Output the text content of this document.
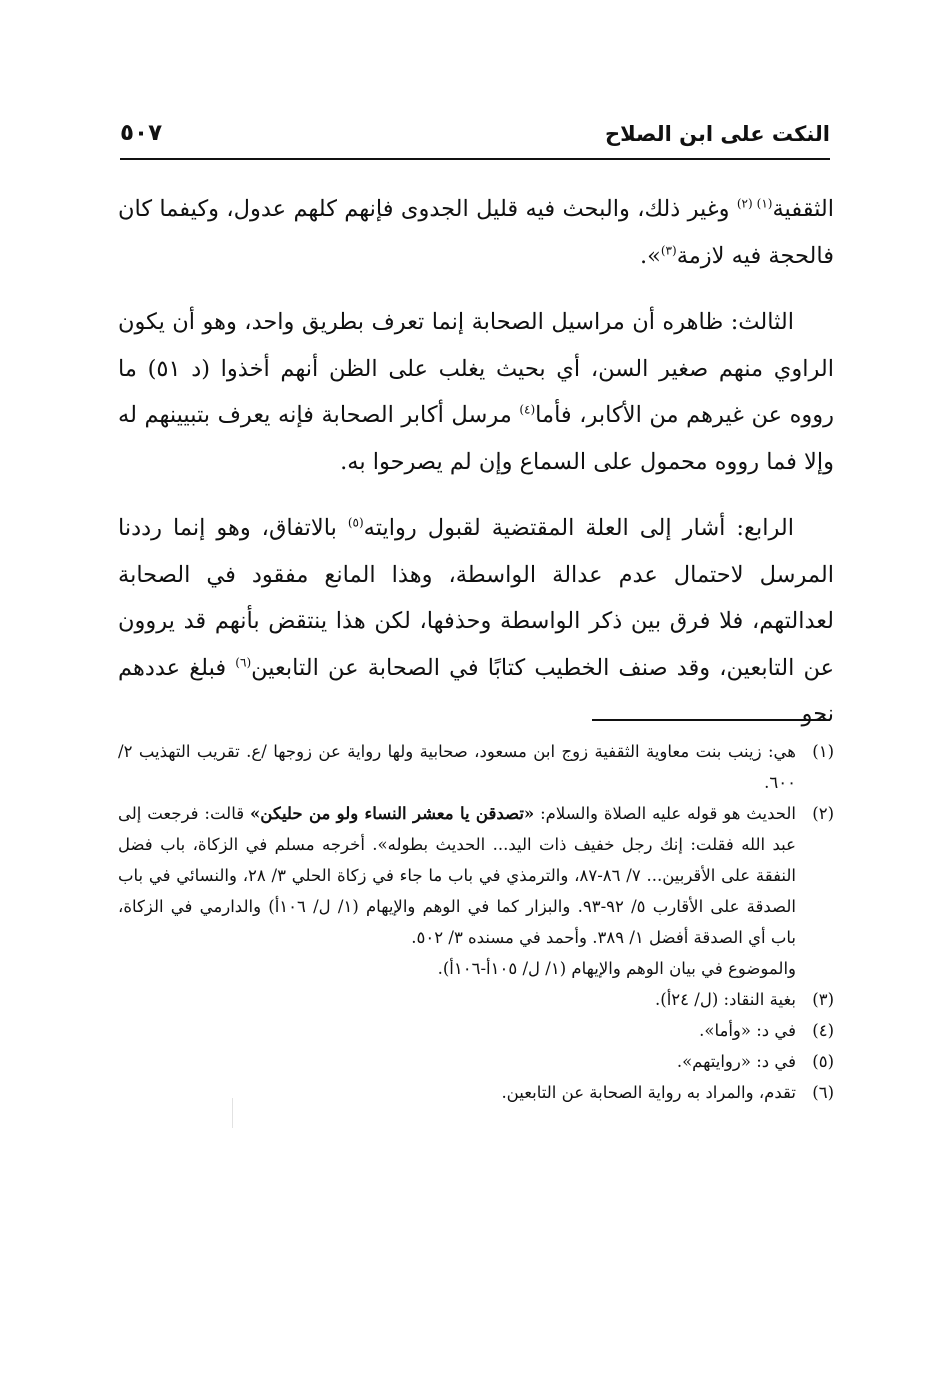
النكت على ابن الصلاح
٥٠٧

الثقفية$^{(١) (٢)}$ وغير ذلك، والبحث فيه قليل الجدوى فإنهم كلهم عدول، وكيفما كان فالحجة فيه لازمة$^{(٣)}$».

الثالث: ظاهره أن مراسيل الصحابة إنما تعرف بطريق واحد، وهو أن يكون الراوي منهم صغير السن، أي بحيث يغلب على الظن أنهم أخذوا (د ٥١) ما رووه عن غيرهم من الأكابر، فأما$^{(٤)}$ مرسل أكابر الصحابة فإنه يعرف بتبيينهم له وإلا فما رووه محمول على السماع وإن لم يصرحوا به.

الرابع: أشار إلى العلة المقتضية لقبول روايته$^{(٥)}$ بالاتفاق، وهو إنما رددنا المرسل لاحتمال عدم عدالة الواسطة، وهذا المانع مفقود في الصحابة لعدالتهم، فلا فرق بين ذكر الواسطة وحذفها، لكن هذا ينتقض بأنهم قد يروون عن التابعين، وقد صنف الخطيب كتابًا في الصحابة عن التابعين$^{(٦)}$ فبلغ عددهم نحو

(١)
هي: زينب بنت معاوية الثقفية زوج ابن مسعود، صحابية ولها رواية عن زوجها /ع. تقريب التهذيب ٢/ ٦٠٠.
(٢)
الحديث هو قوله عليه الصلاة والسلام: «تصدقن يا معشر النساء ولو من حليكن» قالت: فرجعت إلى عبد الله فقلت: إنك رجل خفيف ذات اليد... الحديث بطوله». أخرجه مسلم في الزكاة، باب فضل النفقة على الأقربين... ٧/ ٨٦-٨٧، والترمذي في باب ما جاء في زكاة الحلي ٣/ ٢٨، والنسائي في باب الصدقة على الأقارب ٥/ ٩٢-٩٣. والبزار كما في الوهم والإيهام (١/ ل/ ١٠٦أ) والدارمي في الزكاة، باب أي الصدقة أفضل ١/ ٣٨٩. وأحمد في مسنده ٣/ ٥٠٢.
والموضوع في بيان الوهم والإيهام (١/ ل/ ١٠٥أ-١٠٦أ).
(٣)
بغية النقاد: (ل/ ٢٤أ).
(٤)
في د: «وأما».
(٥)
في د: «روايتهم».
(٦)
تقدم، والمراد به رواية الصحابة عن التابعين.
